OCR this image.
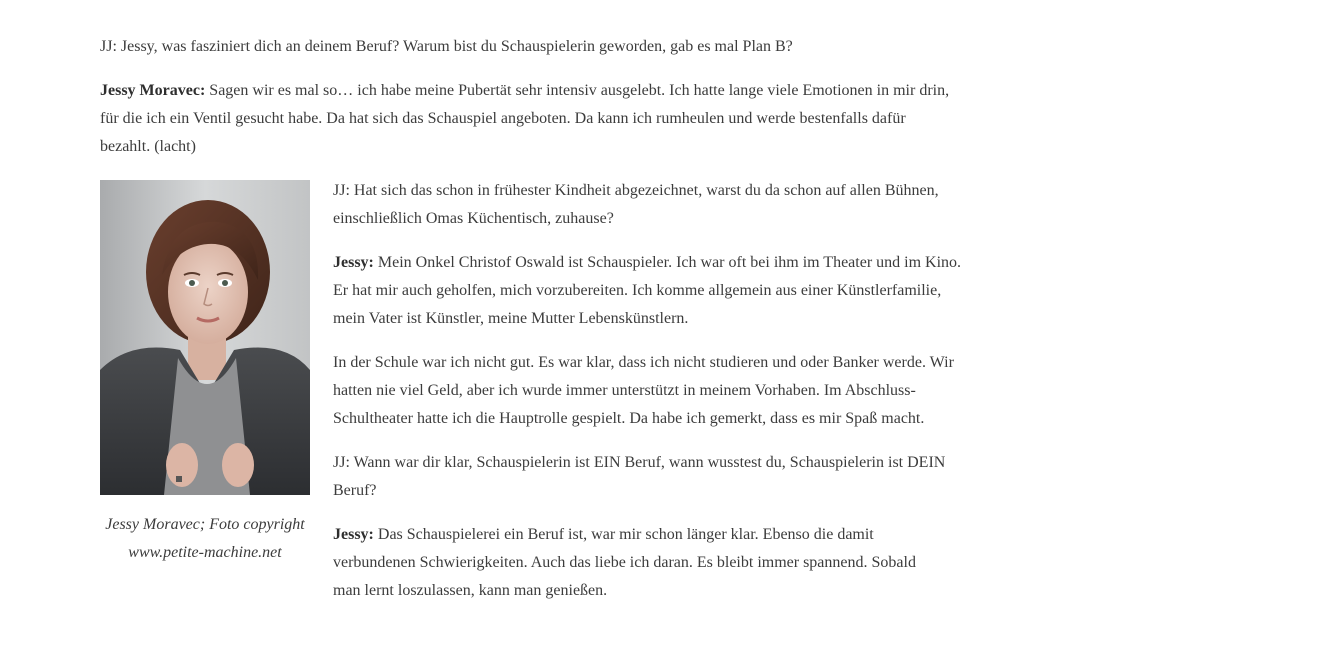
JJ: Jessy, was fasziniert dich an deinem Beruf? Warum bist du Schauspielerin geworden, gab es mal Plan B?

Jessy Moravec: Sagen wir es mal so… ich habe meine Pubertät sehr intensiv ausgelebt. Ich hatte lange viele Emotionen in mir drin, für die ich ein Ventil gesucht habe. Da hat sich das Schauspiel angeboten. Da kann ich rumheulen und werde bestenfalls dafür bezahlt. (lacht)

Jessy Moravec; Foto copyright www.petite-machine.net

JJ: Hat sich das schon in frühester Kindheit abgezeichnet, warst du da schon auf allen Bühnen, einschließlich Omas Küchentisch, zuhause?

Jessy: Mein Onkel Christof Oswald ist Schauspieler. Ich war oft bei ihm im Theater und im Kino. Er hat mir auch geholfen, mich vorzubereiten. Ich komme allgemein aus einer Künstlerfamilie, mein Vater ist Künstler, meine Mutter Lebenskünstlern.

In der Schule war ich nicht gut. Es war klar, dass ich nicht studieren und oder Banker werde. Wir hatten nie viel Geld, aber ich wurde immer unterstützt in meinem Vorhaben. Im Abschluss-Schultheater hatte ich die Hauptrolle gespielt. Da habe ich gemerkt, dass es mir Spaß macht.

JJ: Wann war dir klar, Schauspielerin ist EIN Beruf, wann wusstest du, Schauspielerin ist DEIN Beruf?

Jessy: Das Schauspielerei ein Beruf ist, war mir schon länger klar. Ebenso die damit verbundenen Schwierigkeiten. Auch das liebe ich daran. Es bleibt immer spannend. Sobald man lernt loszulassen, kann man genießen.
